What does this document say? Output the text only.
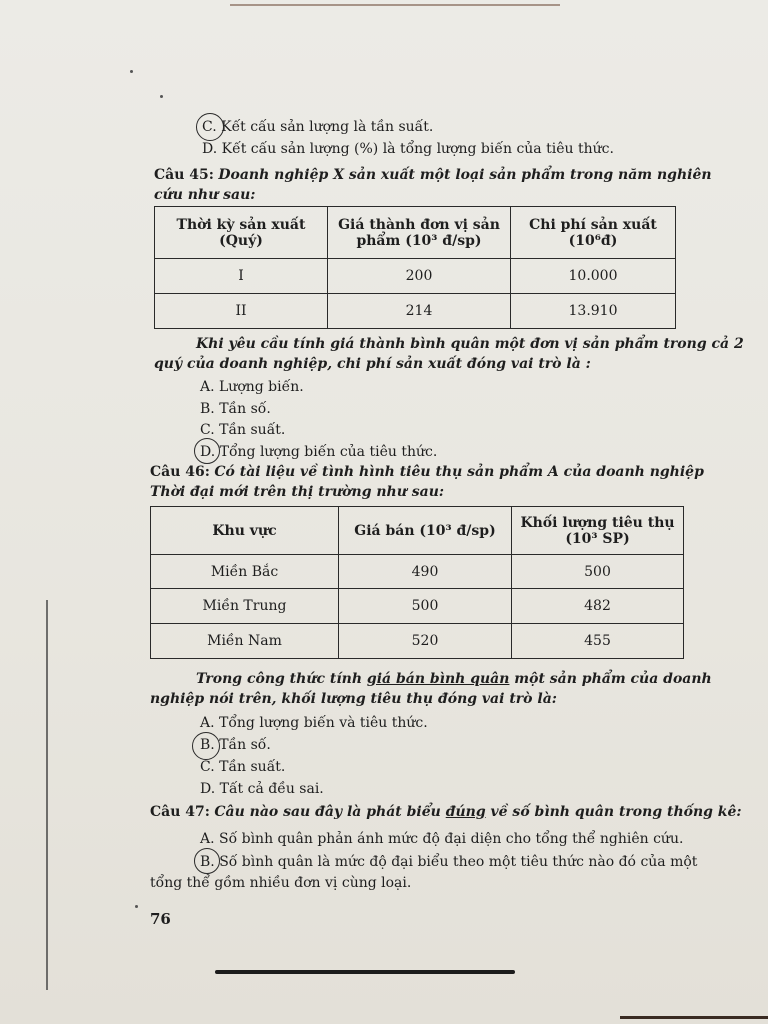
C. Kết cấu sản lượng là tần suất.
D. Kết cấu sản lượng (%) là tổng lượng biến của tiêu thức.
Câu 45: Doanh nghiệp X sản xuất một loại sản phẩm trong năm nghiên
cứu như sau:
Thời kỳ sản xuất (Quý)	Giá thành đơn vị sản phẩm (10³ đ/sp)	Chi phí sản xuất (10⁶đ)
I	200	10.000
II	214	13.910
Khi yêu cầu tính giá thành bình quân một đơn vị sản phẩm trong cả 2
quý của doanh nghiệp, chi phí sản xuất đóng vai trò là :
A. Lượng biến.
B. Tần số.
C. Tần suất.
D. Tổng lượng biến của tiêu thức.
Câu 46: Có tài liệu về tình hình tiêu thụ sản phẩm A của doanh nghiệp
Thời đại mới trên thị trường như sau:
Khu vực	Giá bán (10³ đ/sp)	Khối lượng tiêu thụ (10³ SP)
Miền Bắc	490	500
Miền Trung	500	482
Miền Nam	520	455
Trong công thức tính giá bán bình quân một sản phẩm của doanh
nghiệp nói trên, khối lượng tiêu thụ đóng vai trò là:
A. Tổng lượng biến và tiêu thức.
B. Tần số.
C. Tần suất.
D. Tất cả đều sai.
Câu 47: Câu nào sau đây là phát biểu đúng về số bình quân trong thống kê:
A. Số bình quân phản ánh mức độ đại diện cho tổng thể nghiên cứu.
B. Số bình quân là mức độ đại biểu theo một tiêu thức nào đó của một
tổng thể gồm nhiều đơn vị cùng loại.
76
